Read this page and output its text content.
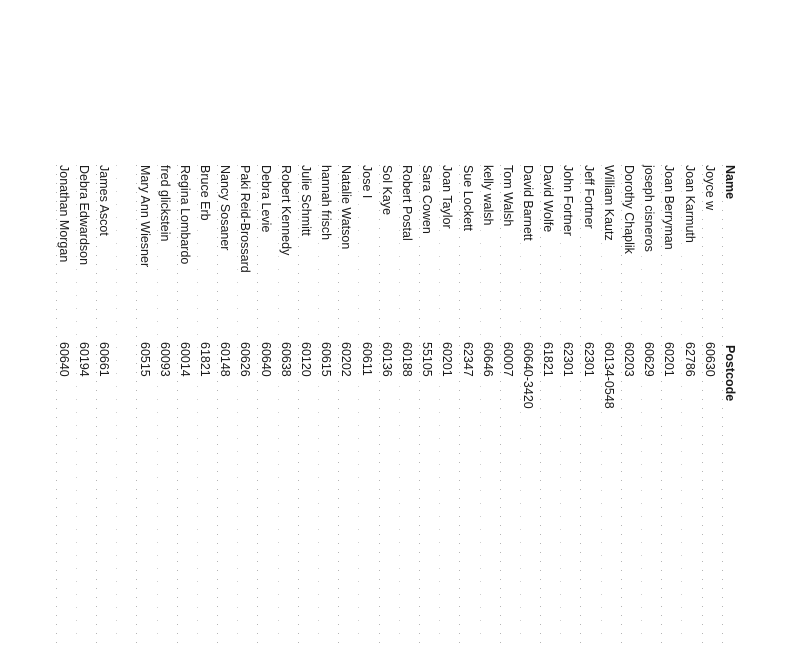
Name
Postcode
Joyce w
60630
Joan Karmuth
62786
Joan Berryman
60201
joseph cisneros
60629
Dorothy Chaplik
60203
William Kautz
60134-0548
Jeff Fortner
62301
John Fortner
62301
David Wolfe
61821
David Barnett
60640-3420
Tom Walsh
60007
kelly walsh
60646
Sue Lockett
62347
Joan Taylor
60201
Sara Cowen
55105
Robert Postal
60188
Sol Kaye
60136
Jose I
60611
Natalie Watson
60202
hannah frisch
60615
Julie Schmitt
60120
Robert Kennedy
60638
Debra Levie
60640
Paki Reid-Brossard
60626
Nancy Sosaner
60148
Bruce Erb
61821
Regina Lombardo
60014
fred glickstein
60093
Mary Ann Wiesner
60515
James Ascot
60661
Debra Edwardson
60194
Jonathan Morgan
60640
